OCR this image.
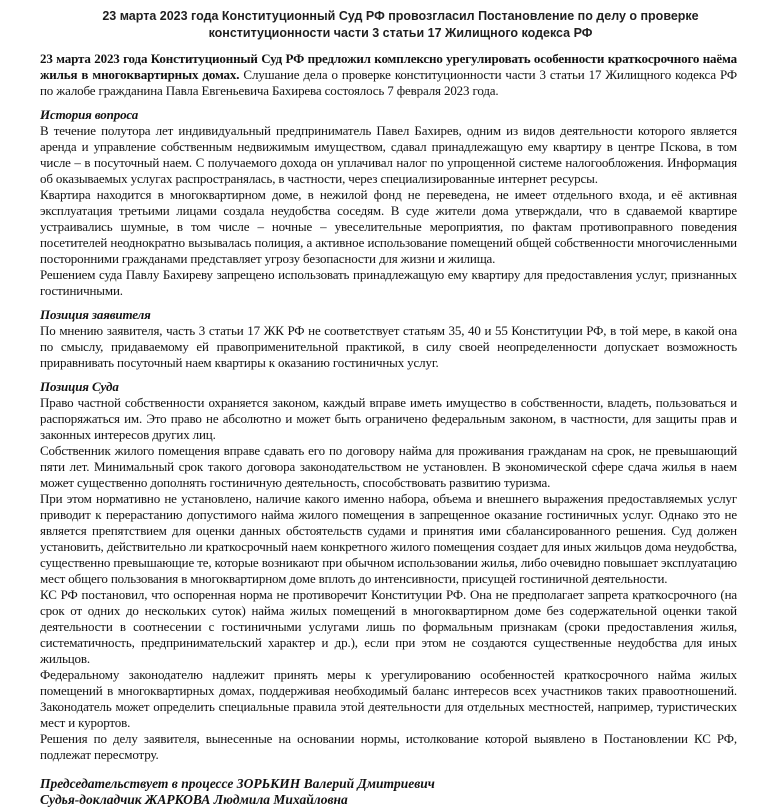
23 марта 2023 года Конституционный Суд РФ провозгласил Постановление по делу о проверке конституционности части 3 статьи 17 Жилищного кодекса РФ

23 марта 2023 года Конституционный Суд РФ предложил комплексно урегулировать особенности краткосрочного наёма жилья в многоквартирных домах. Слушание дела о проверке конституционности части 3 статьи 17 Жилищного кодекса РФ по жалобе гражданина Павла Евгеньевича Бахирева состоялось 7 февраля 2023 года.

История вопроса

В течение полутора лет индивидуальный предприниматель Павел Бахирев, одним из видов деятельности которого является аренда и управление собственным недвижимым имуществом, сдавал принадлежащую ему квартиру в центре Пскова, в том числе – в посуточный наем. С получаемого дохода он уплачивал налог по упрощенной системе налогообложения. Информация об оказываемых услугах распространялась, в частности, через специализированные интернет ресурсы.

Квартира находится в многоквартирном доме, в нежилой фонд не переведена, не имеет отдельного входа, и её активная эксплуатация третьими лицами создала неудобства соседям. В суде жители дома утверждали, что в сдаваемой квартире устраивались шумные, в том числе – ночные – увеселительные мероприятия, по фактам противоправного поведения посетителей неоднократно вызывалась полиция, а активное использование помещений общей собственности многочисленными посторонними гражданами представляет угрозу безопасности для жизни и жилища.

Решением суда Павлу Бахиреву запрещено использовать принадлежащую ему квартиру для предоставления услуг, признанных гостиничными.

Позиция заявителя

По мнению заявителя, часть 3 статьи 17 ЖК РФ не соответствует статьям 35, 40 и 55 Конституции РФ, в той мере, в какой она по смыслу, придаваемому ей правоприменительной практикой, в силу своей неопределенности допускает возможность приравнивать посуточный наем квартиры к оказанию гостиничных услуг.

Позиция Суда

Право частной собственности охраняется законом, каждый вправе иметь имущество в собственности, владеть, пользоваться и распоряжаться им. Это право не абсолютно и может быть ограничено федеральным законом, в частности, для защиты прав и законных интересов других лиц.

Собственник жилого помещения вправе сдавать его по договору найма для проживания гражданам на срок, не превышающий пяти лет. Минимальный срок такого договора законодательством не установлен. В экономической сфере сдача жилья в наем может существенно дополнять гостиничную деятельность, способствовать развитию туризма.

При этом нормативно не установлено, наличие какого именно набора, объема и внешнего выражения предоставляемых услуг приводит к перерастанию допустимого найма жилого помещения в запрещенное оказание гостиничных услуг. Однако это не является препятствием для оценки данных обстоятельств судами и принятия ими сбалансированного решения. Суд должен установить, действительно ли краткосрочный наем конкретного жилого помещения создает для иных жильцов дома неудобства, существенно превышающие те, которые возникают при обычном использовании жилья, либо очевидно повышает эксплуатацию мест общего пользования в многоквартирном доме вплоть до интенсивности, присущей гостиничной деятельности.

КС РФ постановил, что оспоренная норма не противоречит Конституции РФ. Она не предполагает запрета краткосрочного (на срок от одних до нескольких суток) найма жилых помещений в многоквартирном доме без содержательной оценки такой деятельности в соотнесении с гостиничными услугами лишь по формальным признакам (сроки предоставления жилья, систематичность, предпринимательский характер и др.), если при этом не создаются существенные неудобства для иных жильцов.

Федеральному законодателю надлежит принять меры к урегулированию особенностей краткосрочного найма жилых помещений в многоквартирных домах, поддерживая необходимый баланс интересов всех участников таких правоотношений. Законодатель может определить специальные правила этой деятельности для отдельных местностей, например, туристических мест и курортов.

Решения по делу заявителя, вынесенные на основании нормы, истолкование которой выявлено в Постановлении КС РФ, подлежат пересмотру.

Председательствует в процессе ЗОРЬКИН Валерий Дмитриевич
Судья-докладчик ЖАРКОВА Людмила Михайловна
